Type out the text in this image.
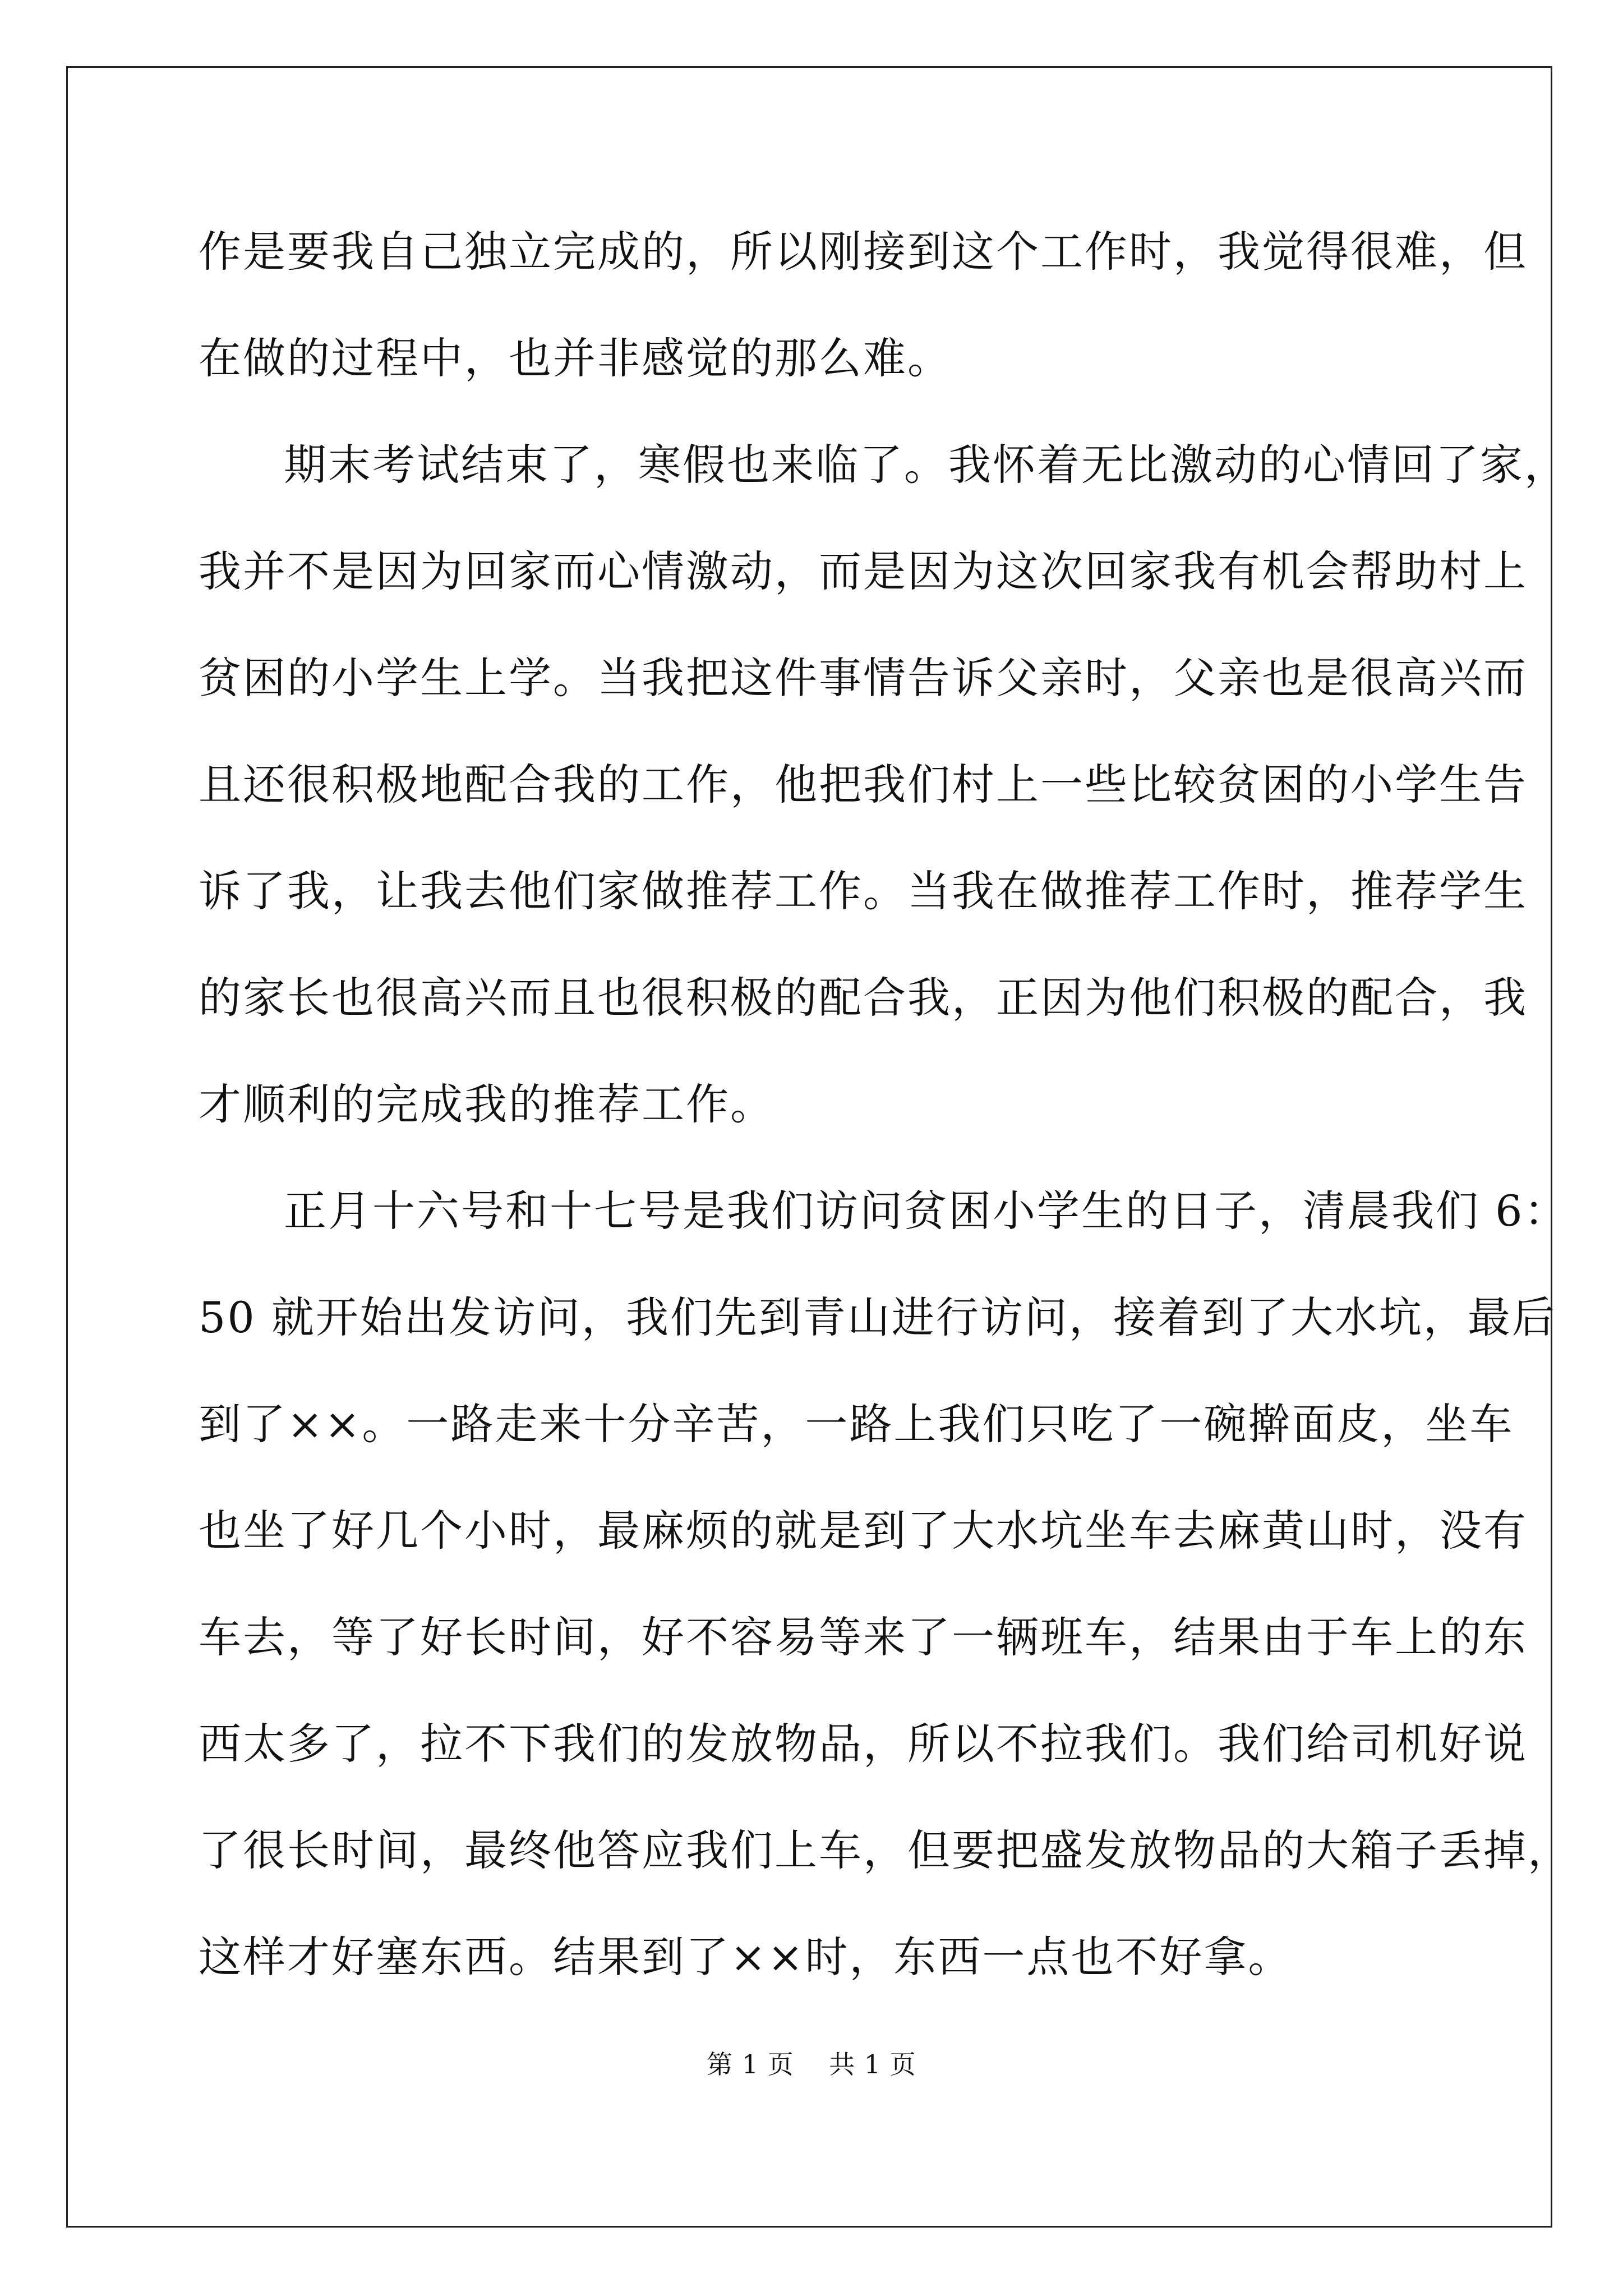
作是要我自己独立完成的，所以刚接到这个工作时，我觉得很难，但
在做的过程中，也并非感觉的那么难。
期末考试结束了，寒假也来临了。我怀着无比激动的心情回了家，
我并不是因为回家而心情激动，而是因为这次回家我有机会帮助村上
贫困的小学生上学。当我把这件事情告诉父亲时，父亲也是很高兴而
且还很积极地配合我的工作，他把我们村上一些比较贫困的小学生告
诉了我，让我去他们家做推荐工作。当我在做推荐工作时，推荐学生
的家长也很高兴而且也很积极的配合我，正因为他们积极的配合，我
才顺利的完成我的推荐工作。
正月十六号和十七号是我们访问贫困小学生的日子，清晨我们 6：
50 就开始出发访问，我们先到青山进行访问，接着到了大水坑，最后
到了××。一路走来十分辛苦，一路上我们只吃了一碗擀面皮，坐车
也坐了好几个小时，最麻烦的就是到了大水坑坐车去麻黄山时，没有
车去，等了好长时间，好不容易等来了一辆班车，结果由于车上的东
西太多了，拉不下我们的发放物品，所以不拉我们。我们给司机好说
了很长时间，最终他答应我们上车，但要把盛发放物品的大箱子丢掉，
这样才好塞东西。结果到了××时，东西一点也不好拿。
第 1 页    共 1 页
